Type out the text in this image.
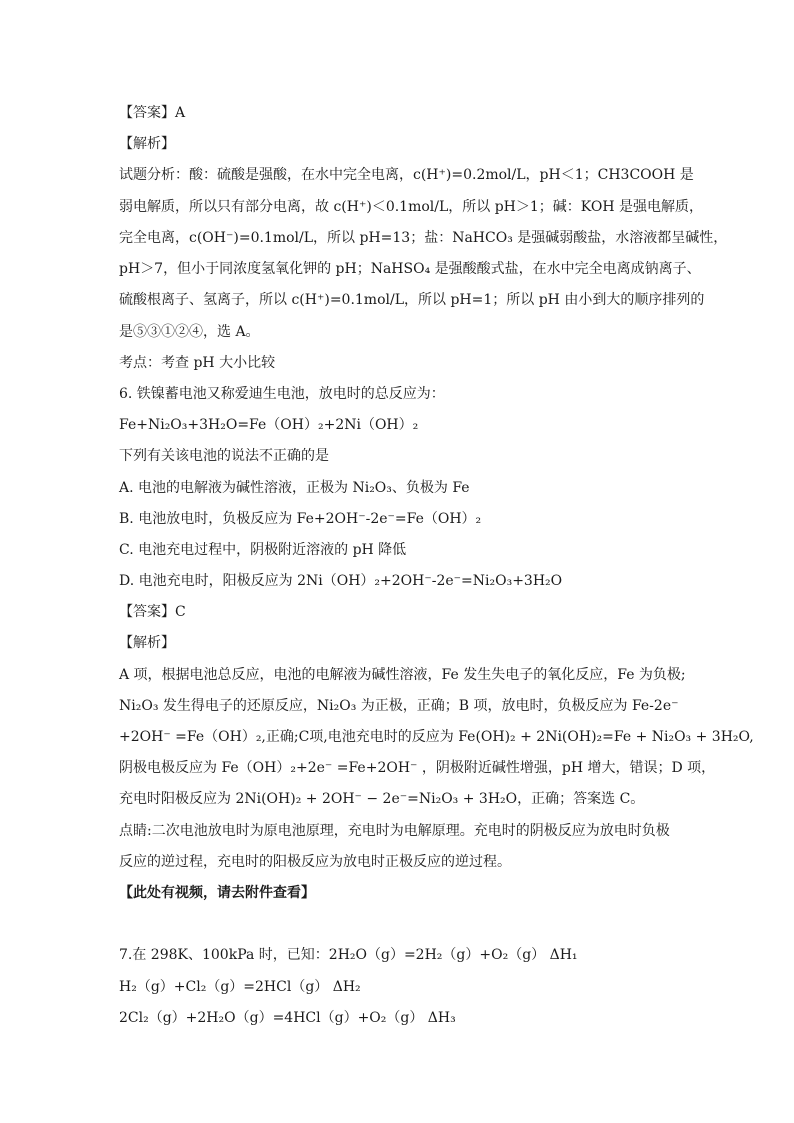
【答案】A
【解析】
试题分析：酸：硫酸是强酸，在水中完全电离，c(H⁺)=0.2mol/L，pH＜1；CH3COOH 是
弱电解质，所以只有部分电离，故 c(H⁺)＜0.1mol/L，所以 pH＞1；碱：KOH 是强电解质，
完全电离，c(OH⁻)=0.1mol/L，所以 pH=13；盐：NaHCO₃ 是强碱弱酸盐，水溶液都呈碱性，
pH＞7，但小于同浓度氢氧化钾的 pH；NaHSO₄ 是强酸酸式盐，在水中完全电离成钠离子、
硫酸根离子、氢离子，所以 c(H⁺)=0.1mol/L，所以 pH=1；所以 pH 由小到大的顺序排列的
是⑤③①②④，选 A。
考点：考查 pH 大小比较
6. 铁镍蓄电池又称爱迪生电池，放电时的总反应为：
Fe+Ni₂O₃+3H₂O=Fe（OH）₂+2Ni（OH）₂
下列有关该电池的说法不正确的是
A. 电池的电解液为碱性溶液，正极为 Ni₂O₃、负极为 Fe
B. 电池放电时，负极反应为 Fe+2OH⁻-2e⁻=Fe（OH）₂
C. 电池充电过程中，阴极附近溶液的 pH 降低
D. 电池充电时，阳极反应为 2Ni（OH）₂+2OH⁻-2e⁻=Ni₂O₃+3H₂O
【答案】C
【解析】
A 项，根据电池总反应，电池的电解液为碱性溶液，Fe 发生失电子的氧化反应，Fe 为负极;
Ni₂O₃ 发生得电子的还原反应，Ni₂O₃ 为正极，正确；B 项，放电时，负极反应为 Fe-2e⁻
+2OH⁻ =Fe（OH）₂,正确;C项,电池充电时的反应为 Fe(OH)₂ + 2Ni(OH)₂=Fe + Ni₂O₃ + 3H₂O,
阴极电极反应为 Fe（OH）₂+2e⁻ =Fe+2OH⁻ ，阴极附近碱性增强，pH 增大，错误；D 项，
充电时阳极反应为 2Ni(OH)₂ + 2OH⁻ − 2e⁻=Ni₂O₃ + 3H₂O，正确；答案选 C。
点睛:二次电池放电时为原电池原理，充电时为电解原理。充电时的阴极反应为放电时负极
反应的逆过程，充电时的阳极反应为放电时正极反应的逆过程。
【此处有视频，请去附件查看】
7.在 298K、100kPa 时，已知：2H₂O（g）=2H₂（g）+O₂（g） ΔH₁
H₂（g）+Cl₂（g）=2HCl（g） ΔH₂
2Cl₂（g）+2H₂O（g）=4HCl（g）+O₂（g） ΔH₃
